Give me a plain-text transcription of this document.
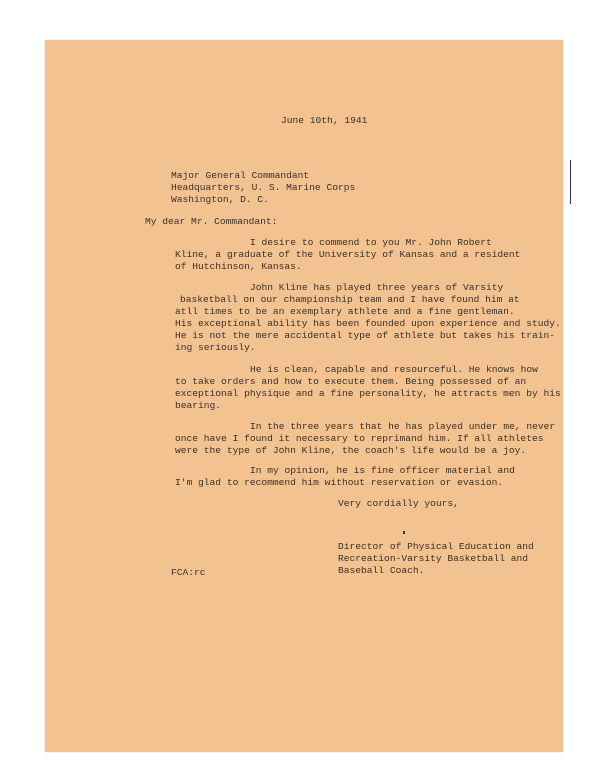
June 10th, 1941

Major General Commandant

Headquarters, U. S. Marine Corps

Washington, D. C.

My dear Mr. Commandant:

I desire to commend to you Mr. John Robert

Kline, a graduate of the University of Kansas and a resident

of Hutchinson, Kansas.

John Kline has played three years of Varsity

basketball on our championship team and I have found him at

atll times to be an exemplary athlete and a fine gentleman.

His exceptional ability has been founded upon experience and study.

He is not the mere accidental type of athlete but takes his train-

ing seriously.

He is clean, capable and resourceful. He knows how

to take orders and how to execute them. Being possessed of an

exceptional physique and a fine personality, he attracts men by his

bearing.

In the three years that he has played under me, never

once have I found it necessary to reprimand him. If all athletes

were the type of John Kline, the coach's life would be a joy.

In my opinion, he is fine officer material and

I'm glad to recommend him without reservation or evasion.

Very cordially yours,

Director of Physical Education and

Recreation-Varsity Basketball and

Baseball Coach.

FCA:rc
